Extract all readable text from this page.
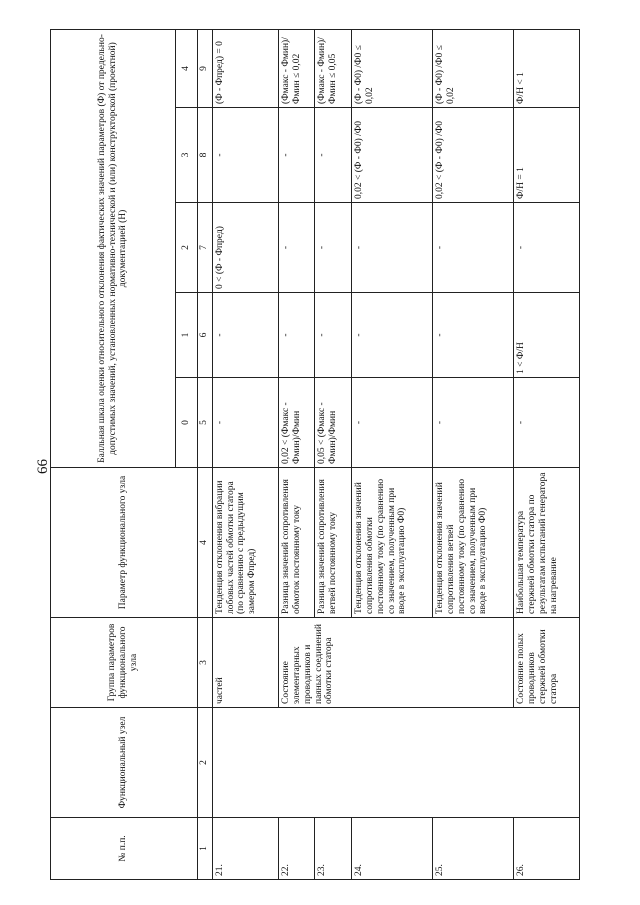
66
№ п.п.	Функциональный узел	Группа параметров функционального узла	Параметр функционального узла	Балльная шкала оценки относительного отклонения фактических значений параметров (Ф) от предельно-допустимых значений, установленных нормативно-технической и (или) конструкторской (проектной) документацией (Н)				
				0	1	2	3	4
1	2	3	4	5	6	7	8	9
21.		частей	Тенденция отклонения вибрации лобовых частей обмотки статора (по сравнению с предыдущим замером Фпред)	-	-	0 < (Ф - Фпред)	-	(Ф - Фпред) = 0
22.		Состояние элементарных проводников и паяных соединений обмотки статора	Разница значений сопротивления обмоток постоянному току	0,02 < (Фмакс - Фмин)/Фмин	-	-	-	(Фмакс - Фмин)/Фмин ≤ 0,02
23.			Разница значений сопротивления ветвей постоянному току	0,05 < (Фмакс - Фмин)/Фмин	-	-	-	(Фмакс - Фмин)/Фмин ≤ 0,05
24.			Тенденция отклонения значений сопротивления обмотки постоянному току (по сравнению со значением, полученным при вводе в эксплуатацию Ф0)	-	-	-	0,02 < (Ф - Ф0) /Ф0	(Ф - Ф0) /Ф0 ≤ 0,02
25.			Тенденция отклонения значений сопротивления ветвей постоянному току (по сравнению со значением, полученным при вводе в эксплуатацию Ф0)	-	-	-	0,02 < (Ф - Ф0) /Ф0	(Ф - Ф0) /Ф0 ≤ 0,02
26.		Состояние полых проводников стержней обмотки статора	Наибольшая температура стержней обмотки статора по результатам испытаний генератора на нагревание	-	1 < Ф/Н	-	Ф/Н = 1	Ф/Н < 1
